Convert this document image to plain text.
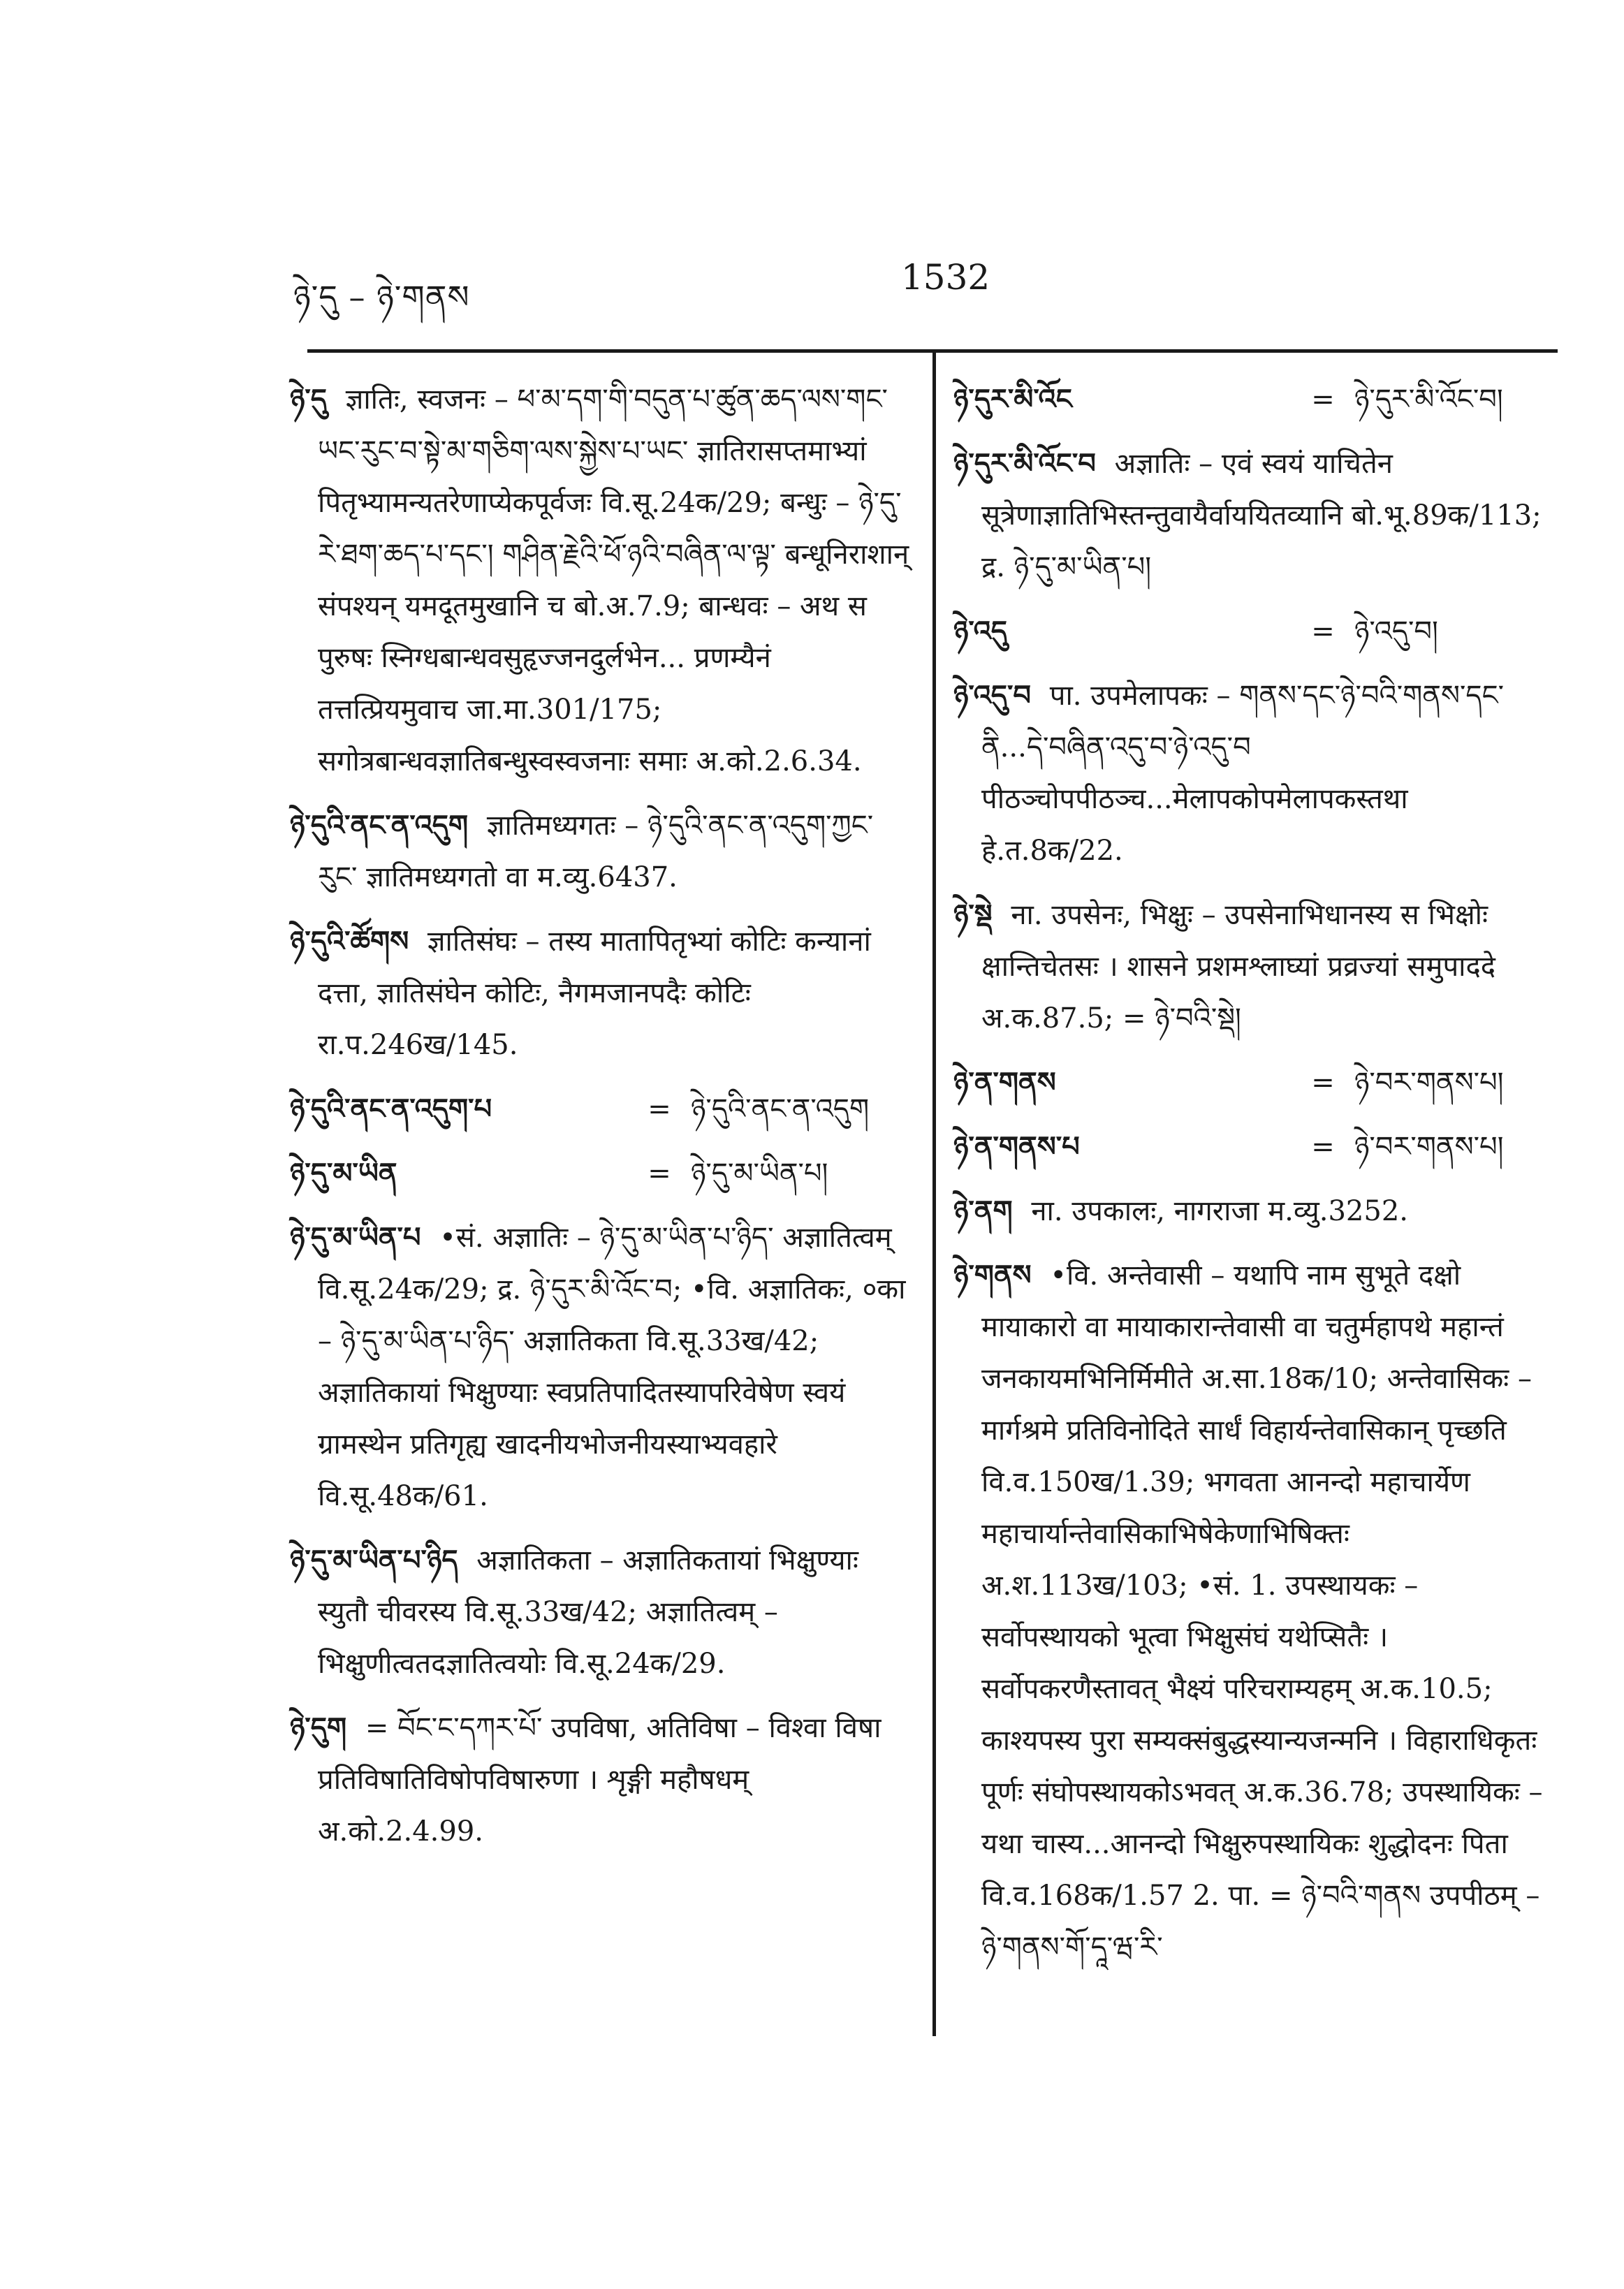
ཉེ་དུ – ཉེ་གནས	1532
ཉེ་དུ ज्ञातिः, स्वजनः – ཕ་མ་དག་གི་བདུན་པ་ཚུན་ཆད་ལས་གང་ཡང་རུང་བ་སྟེ་མ་གཅིག་ལས་སྐྱེས་པ་ཡང་ ज्ञातिरासप्तमाभ्यां पितृभ्यामन्यतरेणाप्येकपूर्वजः वि.सू.24क/29; बन्धुः – ཉེ་དུ་རེ་ཐག་ཆད་པ་དང་། གཤིན་རྗེའི་ཕོ་ཉའི་བཞིན་ལ་ལྟ་ बन्धूनिराशान् संपश्यन् यमदूतमुखानि च बो.अ.7.9; बान्धवः – अथ स पुरुषः स्निग्धबान्धवसुहृज्जनदुर्लभेन... प्रणम्यैनं तत्तत्प्रियमुवाच जा.मा.301/175; सगोत्रबान्धवज्ञातिबन्धुस्वस्वजनाः समाः अ.को.2.6.34.
ཉེ་དུའི་ནང་ན་འདུག ज्ञातिमध्यगतः – ཉེ་དུའི་ནང་ན་འདུག་ཀྱང་རུང་ ज्ञातिमध्यगतो वा म.व्यु.6437.
ཉེ་དུའི་ཚོགས ज्ञातिसंघः – तस्य मातापितृभ्यां कोटिः कन्यानां दत्ता, ज्ञातिसंघेन कोटिः, नैगमजानपदैः कोटिः रा.प.246ख/145.
ཉེ་དུའི་ནང་ན་འདུག་པ	= ཉེ་དུའི་ནང་ན་འདུག
ཉེ་དུ་མ་ཡིན	= ཉེ་དུ་མ་ཡིན་པ།
ཉེ་དུ་མ་ཡིན་པ •सं. अज्ञातिः – ཉེ་དུ་མ་ཡིན་པ་ཉིད་ अज्ञातित्वम् वि.सू.24क/29; द्र. ཉེ་དུར་མི་འོང་བ; •वि. अज्ञातिकः, ०का – ཉེ་དུ་མ་ཡིན་པ་ཉིད་ अज्ञातिकता वि.सू.33ख/42; अज्ञातिकायां भिक्षुण्याः स्वप्रतिपादितस्यापरिवेषेण स्वयं ग्रामस्थेन प्रतिगृह्य खादनीयभोजनीयस्याभ्यवहारे वि.सू.48क/61.
ཉེ་དུ་མ་ཡིན་པ་ཉིད अज्ञातिकता – अज्ञातिकतायां भिक्षुण्याः स्युतौ चीवरस्य वि.सू.33ख/42; अज्ञातित्वम् – भिक्षुणीत्वतदज्ञातित्वयोः वि.सू.24क/29.
ཉེ་དུག = བོང་ང་དཀར་པོ་ उपविषा, अतिविषा – विश्वा विषा प्रतिविषातिविषोपविषारुणा । शृङ्गी महौषधम् अ.को.2.4.99.
ཉེ་དུར་མི་འོང	= ཉེ་དུར་མི་འོང་བ།
ཉེ་དུར་མི་འོང་བ अज्ञातिः – एवं स्वयं याचितेन सूत्रेणाज्ञातिभिस्तन्तुवायैर्वाययितव्यानि बो.भू.89क/113; द्र. ཉེ་དུ་མ་ཡིན་པ།
ཉེ་འདུ	= ཉེ་འདུ་བ།
ཉེ་འདུ་བ पा. उपमेलापकः – གནས་དང་ཉེ་བའི་གནས་དང་ནི...དེ་བཞིན་འདུ་བ་ཉེ་འདུ་བ पीठञ्चोपपीठञ्च...मेलापकोपमेलापकस्तथा हे.त.8क/22.
ཉེ་སྡེ ना. उपसेनः, भिक्षुः – उपसेनाभिधानस्य स भिक्षोः क्षान्तिचेतसः । शासने प्रशमश्लाघ्यां प्रव्रज्यां समुपाददे अ.क.87.5; = ཉེ་བའི་སྡེ།
ཉེ་ན་གནས	= ཉེ་བར་གནས་པ།
ཉེ་ན་གནས་པ	= ཉེ་བར་གནས་པ།
ཉེ་ནག ना. उपकालः, नागराजा म.व्यु.3252.
ཉེ་གནས •वि. अन्तेवासी – यथापि नाम सुभूते दक्षो मायाकारो वा मायाकारान्तेवासी वा चतुर्महापथे महान्तं जनकायमभिनिर्मिमीते अ.सा.18क/10; अन्तेवासिकः – मार्गश्रमे प्रतिविनोदिते सार्धं विहार्यन्तेवासिकान् पृच्छति वि.व.150ख/1.39; भगवता आनन्दो महाचार्येण महाचार्यान्तेवासिकाभिषेकेणाभिषिक्तः अ.श.113ख/103; •सं. 1. उपस्थायकः – सर्वोपस्थायको भूत्वा भिक्षुसंघं यथेप्सितैः । सर्वोपकरणैस्तावत् भैक्ष्यं परिचराम्यहम् अ.क.10.5; काश्यपस्य पुरा सम्यक्संबुद्धस्यान्यजन्मनि । विहाराधिकृतः पूर्णः संघोपस्थायकोऽभवत् अ.क.36.78; उपस्थायिकः – यथा चास्य...आनन्दो भिक्षुरुपस्थायिकः शुद्धोदनः पिता वि.व.168क/1.57 2. पा. = ཉེ་བའི་གནས उपपीठम् – ཉེ་གནས་གོ་དཱ་ཝ་རི་
